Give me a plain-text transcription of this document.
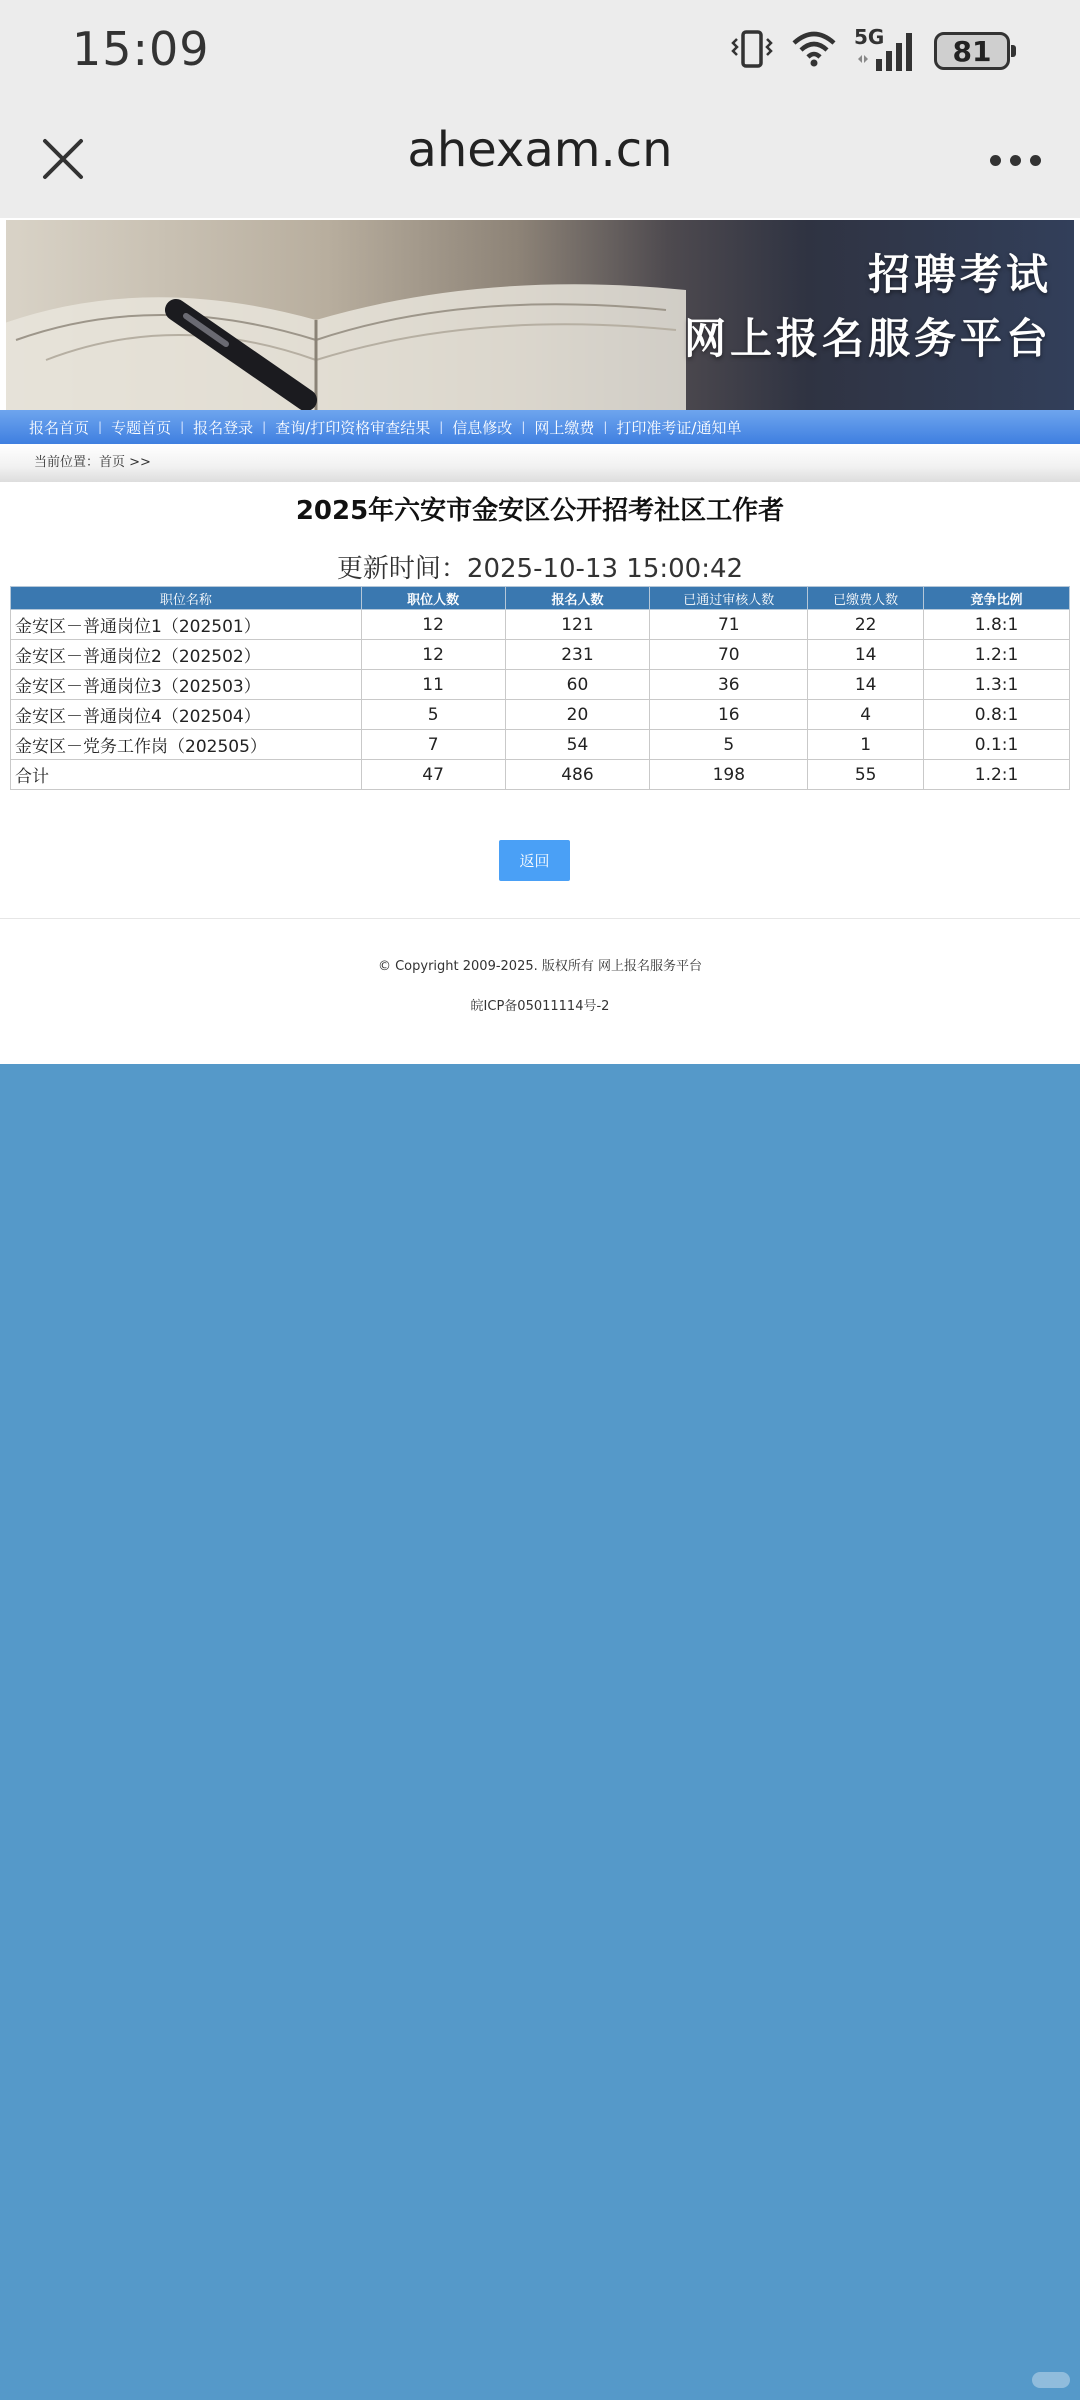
15:09	5G 81
ahexam.cn
招聘考试
网上报名服务平台
报名首页 | 专题首页 | 报名登录 | 查询/打印资格审查结果 | 信息修改 | 网上缴费 | 打印准考证/通知单
当前位置：首页 >>
2025年六安市金安区公开招考社区工作者
更新时间：2025-10-13 15:00:42
职位名称	职位人数	报名人数	已通过审核人数	已缴费人数	竞争比例
金安区－普通岗位1（202501）	12	121	71	22	1.8:1
金安区－普通岗位2（202502）	12	231	70	14	1.2:1
金安区－普通岗位3（202503）	11	60	36	14	1.3:1
金安区－普通岗位4（202504）	5	20	16	4	0.8:1
金安区－党务工作岗（202505）	7	54	5	1	0.1:1
合计	47	486	198	55	1.2:1
返回
© Copyright 2009-2025. 版权所有 网上报名服务平台
皖ICP备05011114号-2
